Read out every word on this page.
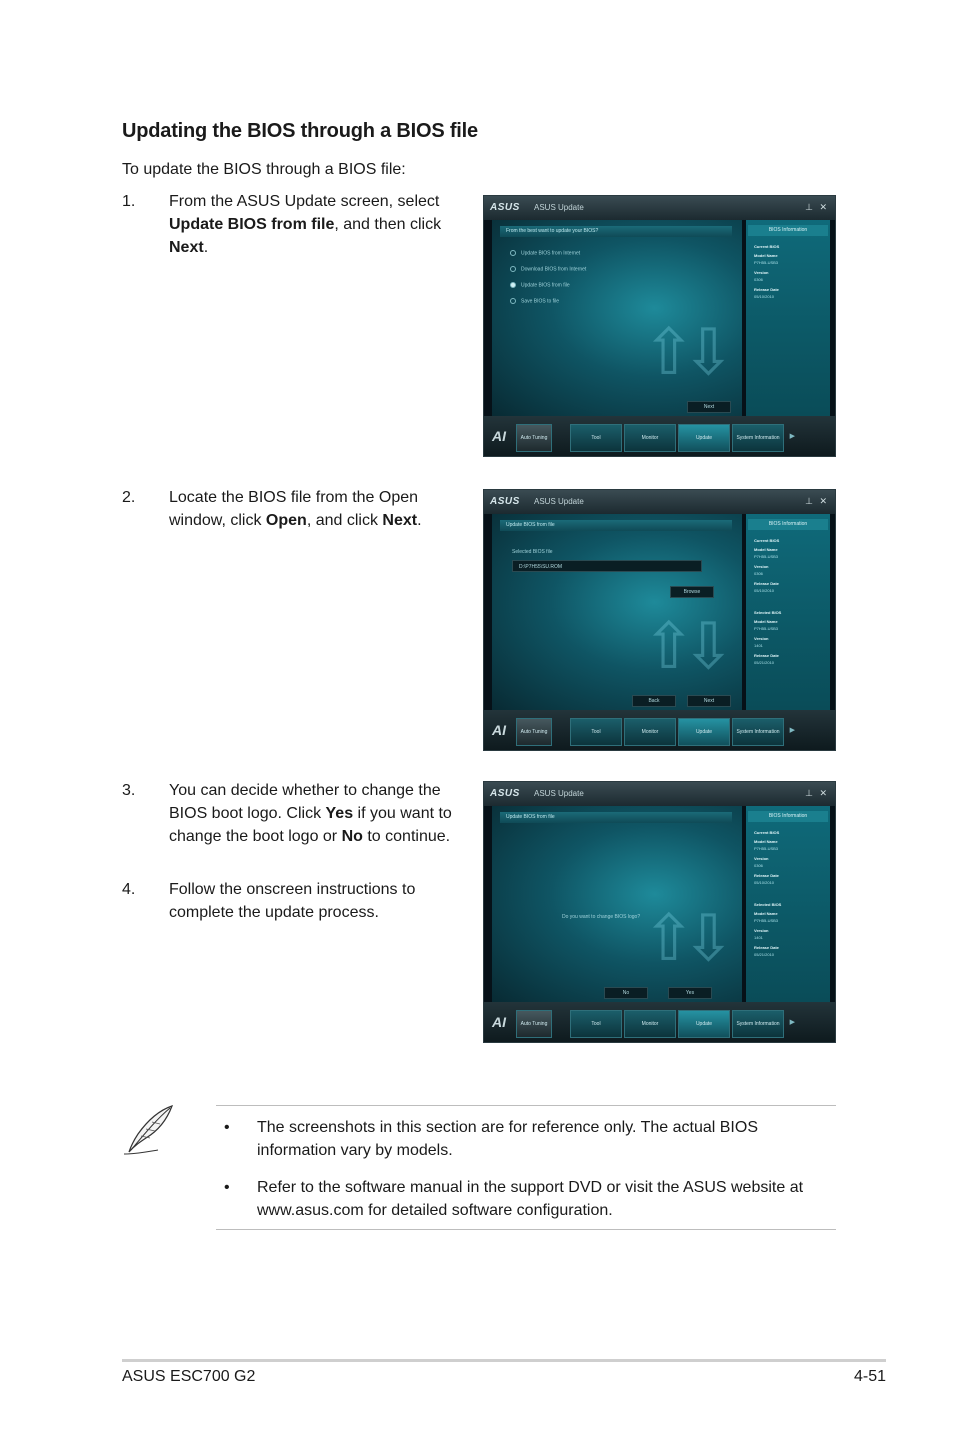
Updating the BIOS through a BIOS file
To update the BIOS through a BIOS file:
1. From the ASUS Update screen, select Update BIOS from file, and then click Next.
2. Locate the BIOS file from the Open window, click Open, and click Next.
3. You can decide whether to change the BIOS boot logo. Click Yes if you want to change the boot logo or No to continue.
4. Follow the onscreen instructions to complete the update process.
ASUS ASUS Update	⊥ ✕
From the best want to update your BIOS?
Update BIOS from Internet
Download BIOS from Internet
Update BIOS from file
Save BIOS to file
⇧⇩
Next
BIOS Information
Current BIOS
Model Name
P7H55-USB3
Version
0306
Release Date
05/10/2010
AI	Auto Tuning	Tool	Monitor	Update	System Information	▶
ASUS ASUS Update	⊥ ✕
Update BIOS from file
Selected BIOS file
D:\P7H55\SU.ROM
Browse
⇧⇩
Back	Next
BIOS Information
Current BIOS
Model Name
P7H55-USB3
Version
0306
Release Date
05/10/2010
Selected BIOS
Model Name
P7H55-USB3
Version
1401
Release Date
05/21/2010
AI	Auto Tuning	Tool	Monitor	Update	System Information	▶
ASUS ASUS Update	⊥ ✕
Update BIOS from file
Do you want to change BIOS logo? ⇧⇩
No	Yes
BIOS Information
Current BIOS
Model Name
P7H55-USB3
Version
0306
Release Date
05/10/2010
Selected BIOS
Model Name
P7H55-USB3
Version
1401
Release Date
05/21/2010
AI	Auto Tuning	Tool	Monitor	Update	System Information	▶
• The screenshots in this section are for reference only. The actual BIOS information vary by models.
• Refer to the software manual in the support DVD or visit the ASUS website at www.asus.com for detailed software configuration.
ASUS ESC700 G2	4-51
